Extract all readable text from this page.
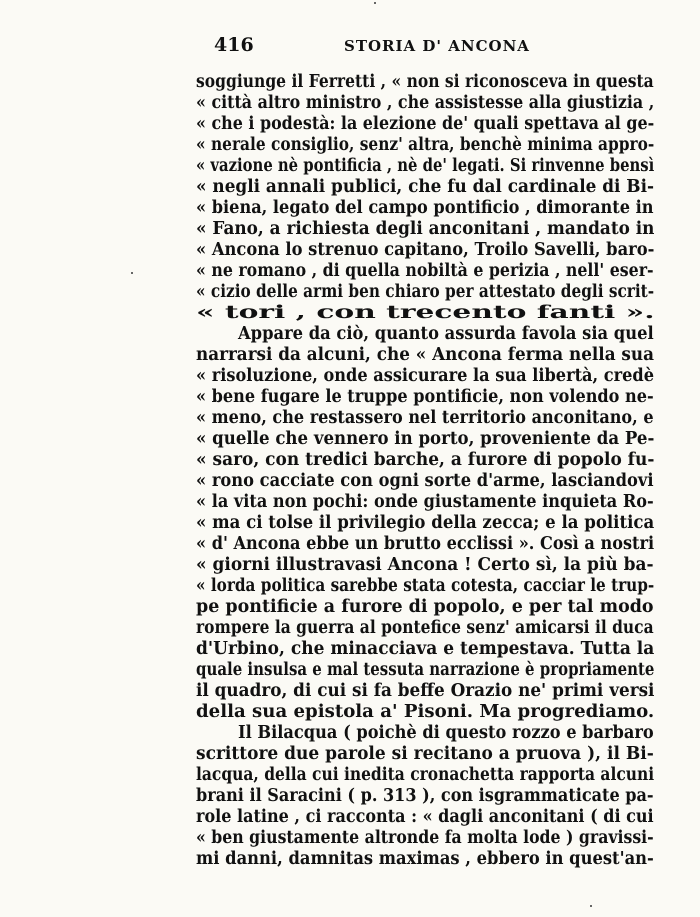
416	STORIA D' ANCONA
soggiunge il Ferretti , « non si riconosceva in questa
« città altro ministro , che assistesse alla giustizia ,
« che i podestà: la elezione de' quali spettava al ge-
« nerale consiglio, senz' altra, benchè minima appro-
« vazione nè pontificia , nè de' legati. Si rinvenne bensì
« negli annali publici, che fu dal cardinale di Bi-
« biena, legato del campo pontificio , dimorante in
« Fano, a richiesta degli anconitani , mandato in
« Ancona lo strenuo capitano, Troilo Savelli, baro-
« ne romano , di quella nobiltà e perizia , nell' eser-
« cizio delle armi ben chiaro per attestato degli scrit-
« tori , con trecento fanti ».
Appare da ciò, quanto assurda favola sia quel
narrarsi da alcuni, che « Ancona ferma nella sua
« risoluzione, onde assicurare la sua libertà, credè
« bene fugare le truppe pontificie, non volendo ne-
« meno, che restassero nel territorio anconitano, e
« quelle che vennero in porto, proveniente da Pe-
« saro, con tredici barche, a furore di popolo fu-
« rono cacciate con ogni sorte d'arme, lasciandovi
« la vita non pochi: onde giustamente inquieta Ro-
« ma ci tolse il privilegio della zecca; e la politica
« d' Ancona ebbe un brutto ecclissi ». Così a nostri
« giorni illustravasi Ancona ! Certo sì, la più ba-
« lorda politica sarebbe stata cotesta, cacciar le trup-
pe pontificie a furore di popolo, e per tal modo
rompere la guerra al pontefice senz' amicarsi il duca
d'Urbino, che minacciava e tempestava. Tutta la
quale insulsa e mal tessuta narrazione è propriamente
il quadro, di cui si fa beffe Orazio ne' primi versi
della sua epistola a' Pisoni. Ma progrediamo.
Il Bilacqua ( poichè di questo rozzo e barbaro
scrittore due parole si recitano a pruova ), il Bi-
lacqua, della cui inedita cronachetta rapporta alcuni
brani il Saracini ( p. 313 ), con isgrammaticate pa-
role latine , ci racconta : « dagli anconitani ( di cui
« ben giustamente altronde fa molta lode ) gravissi-
mi danni, damnitas maximas , ebbero in quest'an-
